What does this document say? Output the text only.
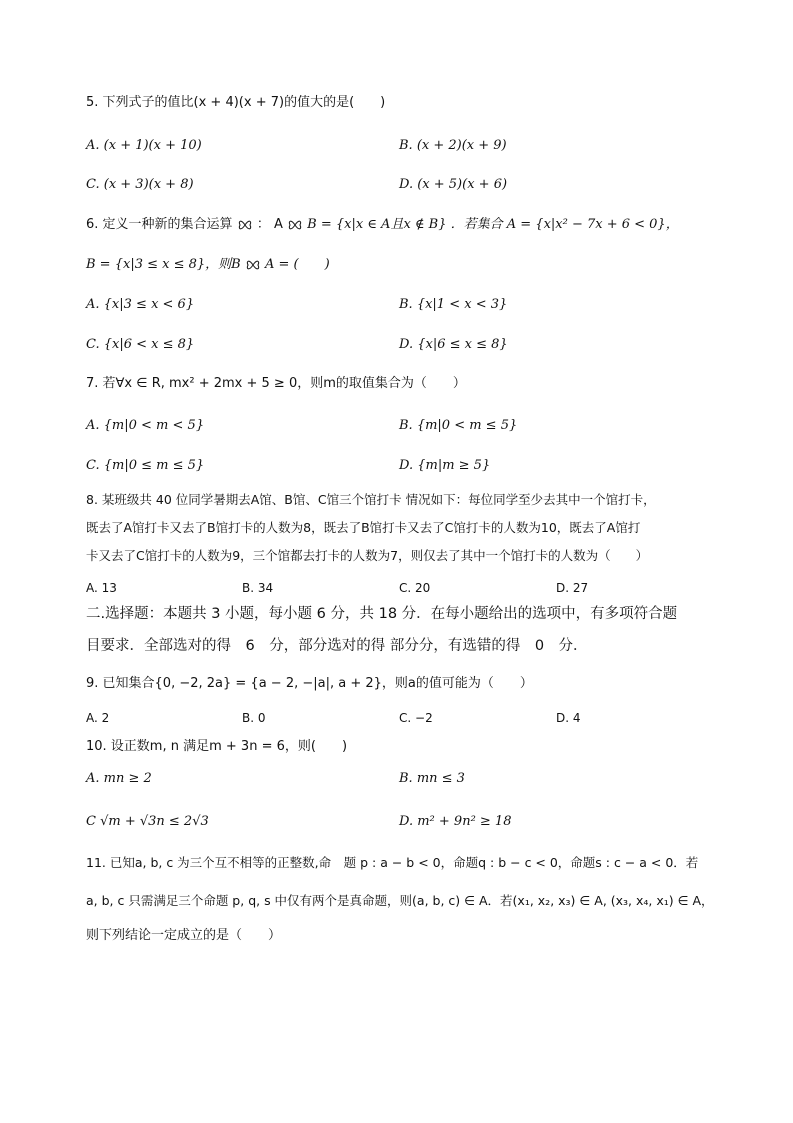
5. 下列式子的值比(x + 4)(x + 7)的值大的是(　　)
A. (x + 1)(x + 10)	B. (x + 2)(x + 9)
C. (x + 3)(x + 8)	D. (x + 5)(x + 6)
6. 定义一种新的集合运算 ： A B = {x|x ∈ A且x ∉ B} ．若集合 A = {x|x² − 7x + 6 < 0}，
B = {x|3 ≤ x ≤ 8}，则B A = (　　)
A. {x|3 ≤ x < 6}	B. {x|1 < x < 3}
C. {x|6 < x ≤ 8}	D. {x|6 ≤ x ≤ 8}
7. 若∀x ∈ R, mx² + 2mx + 5 ≥ 0，则m的取值集合为（　　）
A. {m|0 < m < 5}	B. {m|0 < m ≤ 5}
C. {m|0 ≤ m ≤ 5}	D. {m|m ≥ 5}
8. 某班级共 40 位同学暑期去A馆、B馆、C馆三个馆打卡 情况如下：每位同学至少去其中一个馆打卡，
既去了A馆打卡又去了B馆打卡的人数为8，既去了B馆打卡又去了C馆打卡的人数为10，既去了A馆打
卡又去了C馆打卡的人数为9，三个馆都去打卡的人数为7，则仅去了其中一个馆打卡的人数为（　　）
A. 13	B. 34	C. 20	D. 27
二.选择题：本题共 3 小题，每小题 6 分，共 18 分．在每小题给出的选项中，有多项符合题
目要求．全部选对的得　6　分，部分选对的得 部分分，有选错的得　0　分．
9. 已知集合{0, −2, 2a} = {a − 2, −|a|, a + 2}，则a的值可能为（　　）
A. 2	B. 0	C. −2	D. 4
10. 设正数m, n 满足m + 3n = 6，则(　　)
A. mn ≥ 2	B. mn ≤ 3
C √m + √3n ≤ 2√3	D. m² + 9n² ≥ 18
11. 已知a, b, c 为三个互不相等的正整数,命　题 p : a − b < 0，命题q : b − c < 0，命题s : c − a < 0．若
a, b, c 只需满足三个命题 p, q, s 中仅有两个是真命题，则(a, b, c) ∈ A．若(x₁, x₂, x₃) ∈ A, (x₃, x₄, x₁) ∈ A，
则下列结论一定成立的是（　　）
